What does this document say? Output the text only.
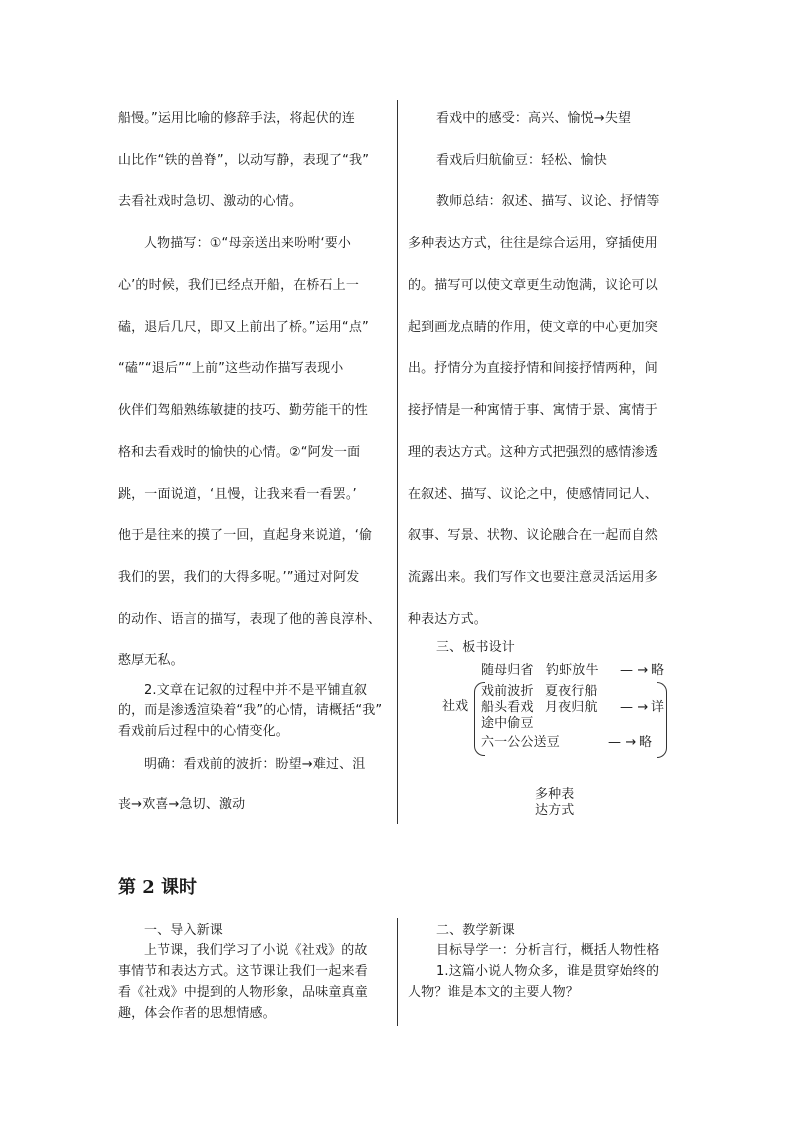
船慢。”运用比喻的修辞手法，将起伏的连
山比作“铁的兽脊”，以动写静，表现了“我”
去看社戏时急切、激动的心情。
人物描写：①“母亲送出来吩咐‘要小
心’的时候，我们已经点开船，在桥石上一
磕，退后几尺，即又上前出了桥。”运用“点”
“磕”“退后”“上前”这些动作描写表现小
伙伴们驾船熟练敏捷的技巧、勤劳能干的性
格和去看戏时的愉快的心情。②“阿发一面
跳，一面说道，‘且慢，让我来看一看罢。’
他于是往来的摸了一回，直起身来说道，‘偷
我们的罢，我们的大得多呢。’”通过对阿发
的动作、语言的描写，表现了他的善良淳朴、
憨厚无私。
2.文章在记叙的过程中并不是平铺直叙
的，而是渗透渲染着“我”的心情，请概括“我”
看戏前后过程中的心情变化。
明确：看戏前的波折：盼望→难过、沮
丧→欢喜→急切、激动
看戏中的感受：高兴、愉悦→失望
看戏后归航偷豆：轻松、愉快
教师总结：叙述、描写、议论、抒情等
多种表达方式，往往是综合运用，穿插使用
的。描写可以使文章更生动饱满，议论可以
起到画龙点睛的作用，使文章的中心更加突
出。抒情分为直接抒情和间接抒情两种，间
接抒情是一种寓情于事、寓情于景、寓情于
理的表达方式。这种方式把强烈的感情渗透
在叙述、描写、议论之中，使感情同记人、
叙事、写景、状物、议论融合在一起而自然
流露出来。我们写作文也要注意灵活运用多
种表达方式。
三、板书设计
社戏
随母归省 钓虾放牛 — → 略
戏前波折 夏夜行船
船头看戏 月夜归航 — → 详
途中偷豆
六一公公送豆	— → 略
多种表
达方式
第 2 课时
一、导入新课
上节课，我们学习了小说《社戏》的故
事情节和表达方式。这节课让我们一起来看
看《社戏》中提到的人物形象，品味童真童
趣，体会作者的思想情感。
二、教学新课
目标导学一：分析言行，概括人物性格
1.这篇小说人物众多，谁是贯穿始终的
人物？谁是本文的主要人物？
